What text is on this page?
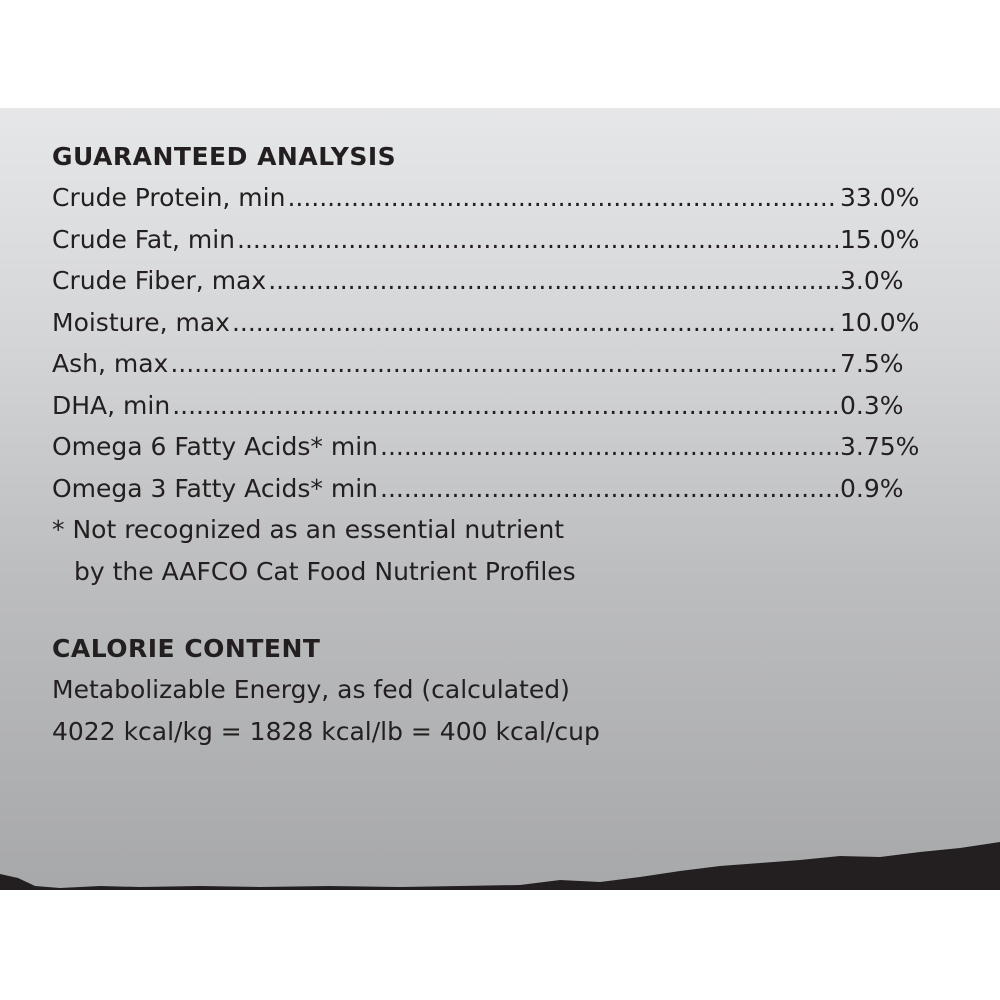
GUARANTEED ANALYSIS
Crude Protein, min .....	33.0%
Crude Fat, min .....	15.0%
Crude Fiber, max .....	3.0%
Moisture, max .....	10.0%
Ash, max .....	7.5%
DHA, min .....	0.3%
Omega 6 Fatty Acids* min .....	3.75%
Omega 3 Fatty Acids* min .....	0.9%
* Not recognized as an essential nutrient
by the AAFCO Cat Food Nutrient Profiles
CALORIE CONTENT
Metabolizable Energy, as fed (calculated)
4022 kcal/kg = 1828 kcal/lb = 400 kcal/cup
